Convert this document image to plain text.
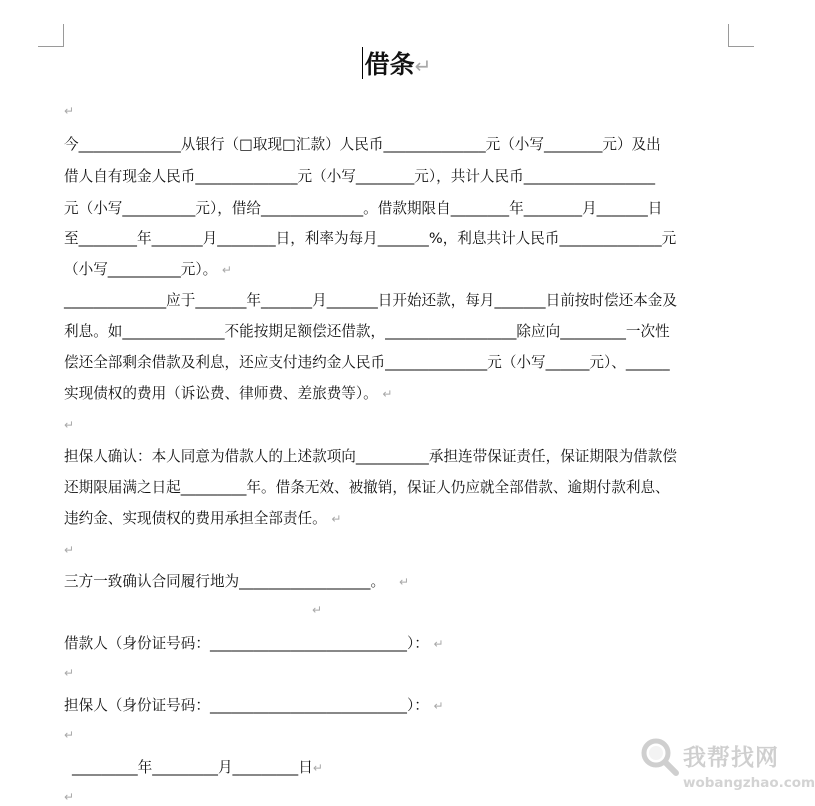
借条↵
↵
今______________从银行（□取现□汇款）人民币______________元（小写________元）及出
借人自有现金人民币______________元（小写________元），共计人民币__________________
元（小写__________元），借给______________。借款期限自________年________月_______日
至________年_______月________日，利率为每月_______%，利息共计人民币______________元
（小写__________元）。 ↵
______________应于_______年_______月_______日开始还款，每月_______日前按时偿还本金及
利息。如______________不能按期足额偿还借款，__________________除应向_________一次性
偿还全部剩余借款及利息，还应支付违约金人民币______________元（小写______元）、______
实现债权的费用（诉讼费、律师费、差旅费等）。 ↵
↵
担保人确认：本人同意为借款人的上述款项向__________承担连带保证责任，保证期限为借款偿
还期限届满之日起_________年。借条无效、被撤销，保证人仍应就全部借款、逾期付款利息、
违约金、实现债权的费用承担全部责任。 ↵
↵
三方一致确认合同履行地为__________________。 ↵
↵
借款人（身份证号码：___________________________）： ↵
↵
担保人（身份证号码：___________________________）： ↵
↵
_________年_________月_________日↵
↵
我帮找网
wobangzhao.com
